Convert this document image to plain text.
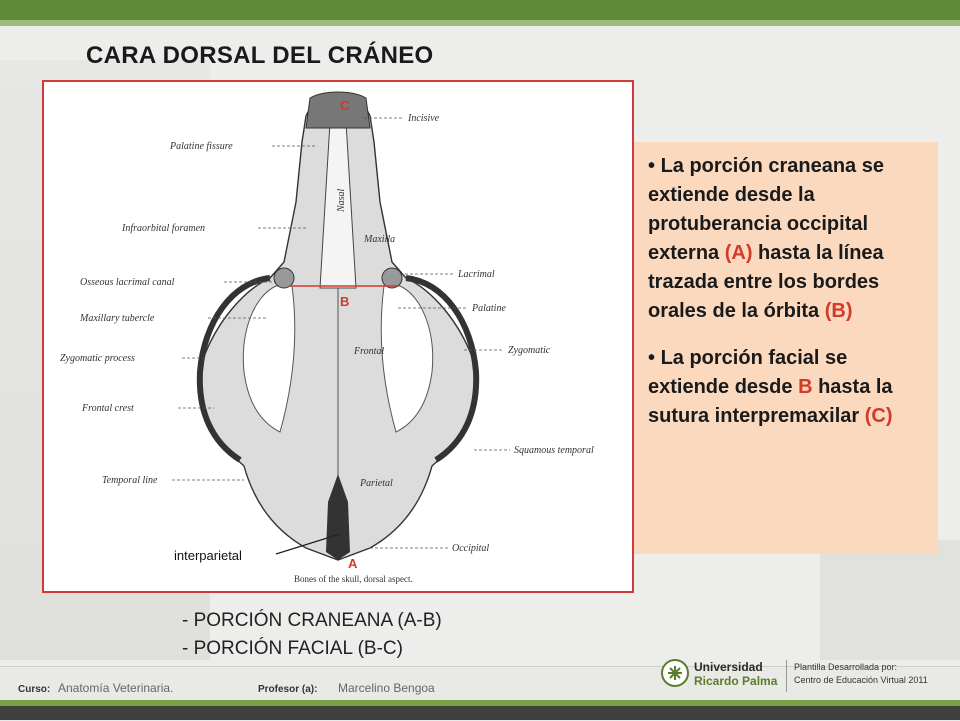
CARA DORSAL DEL CRÁNEO
Palatine fissure
Infraorbital foramen
Osseous lacrimal canal
Maxillary tubercle
Zygomatic process
Frontal crest
Temporal line
Incisive
Lacrimal
Palatine
Zygomatic
Squamous temporal
Occipital
Nasal
Maxilla
Frontal
Parietal
C
B
A
interparietal
Bones of the skull, dorsal aspect.

• La porción craneana se extiende desde la protuberancia occipital externa (A) hasta la línea trazada entre los bordes orales de la órbita (B)

• La porción facial se extiende desde B hasta la sutura interpremaxilar (C)

- PORCIÓN CRANEANA (A-B)
- PORCIÓN FACIAL (B-C)
Curso: Anatomía Veterinaria.	Profesor (a): Marcelino Bengoa
Universidad
Ricardo Palma
Plantilla Desarrollada por:
Centro de Educación Virtual 2011
